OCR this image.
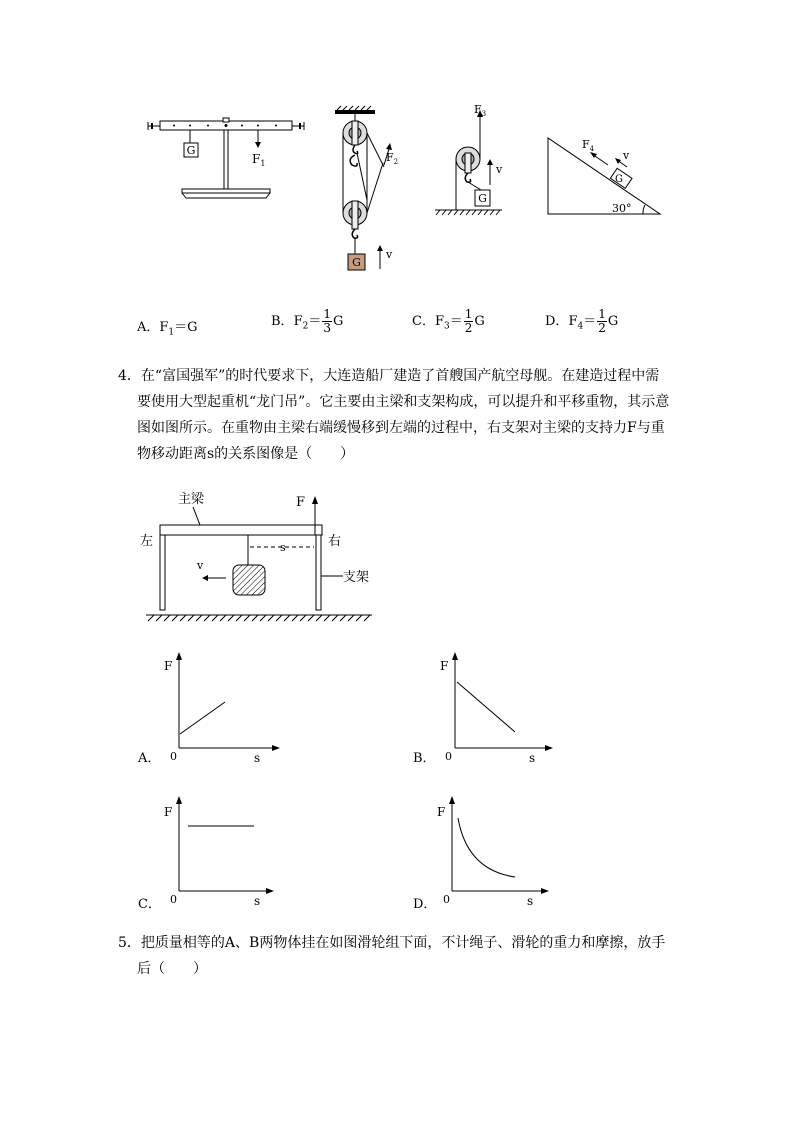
G
$F_1$	$F_2$
G
v
$F_3$
G
v
30°
G
$F_4$	v
A．$F_1=G$	B．$F_2= \frac{1}{3}$ G	C．$F_3= \frac{1}{2}$ G	D．$F_4= \frac{1}{2}$ G
4．在“富国强军”的时代要求下，大连造船厂建造了首艘国产航空母舰。在建造过程中需
要使用大型起重机“龙门吊”。它主要由主梁和支架构成，可以提升和平移重物，其示意
图如图所示。在重物由主梁右端缓慢移到左端的过程中，右支架对主梁的支持力F与重
物移动距离s的关系图像是（　　）
主梁	F
左	右
s
v
支架
A．
F
0	s	B．
F
0	s
C．
F
0	s	D．
F
0	s
5．把质量相等的A、B两物体挂在如图滑轮组下面，不计绳子、滑轮的重力和摩擦，放手
后（　　）
